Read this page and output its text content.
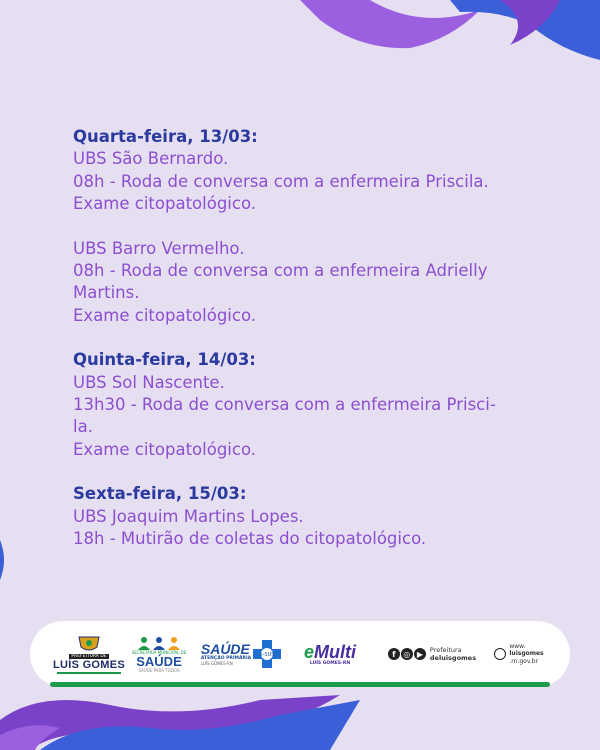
Quarta-feira, 13/03:
UBS São Bernardo.
08h - Roda de conversa com a enfermeira Priscila.
Exame citopatológico.
UBS Barro Vermelho.
08h - Roda de conversa com a enfermeira Adrielly
Martins.
Exame citopatológico.
Quinta-feira, 14/03:
UBS Sol Nascente.
13h30 - Roda de conversa com a enfermeira Prisci-
la.
Exame citopatológico.
Sexta-feira, 15/03:
UBS Joaquim Martins Lopes.
18h - Mutirão de coletas do citopatológico.
PREFEITURA DE
LUÍS GOMES
SECRETARIA MUNICIPAL DE
SAÚDE
SAÚDE PARA TODOS
SAÚDE
ATENÇÃO PRIMÁRIA
LUÍS GOMES-RN
e-SUS eMulti
LUÍS GOMES-RN
f ◎ ▶	Prefeitura
deluisgomes
www.
luisgomes
.rn.gov.br
